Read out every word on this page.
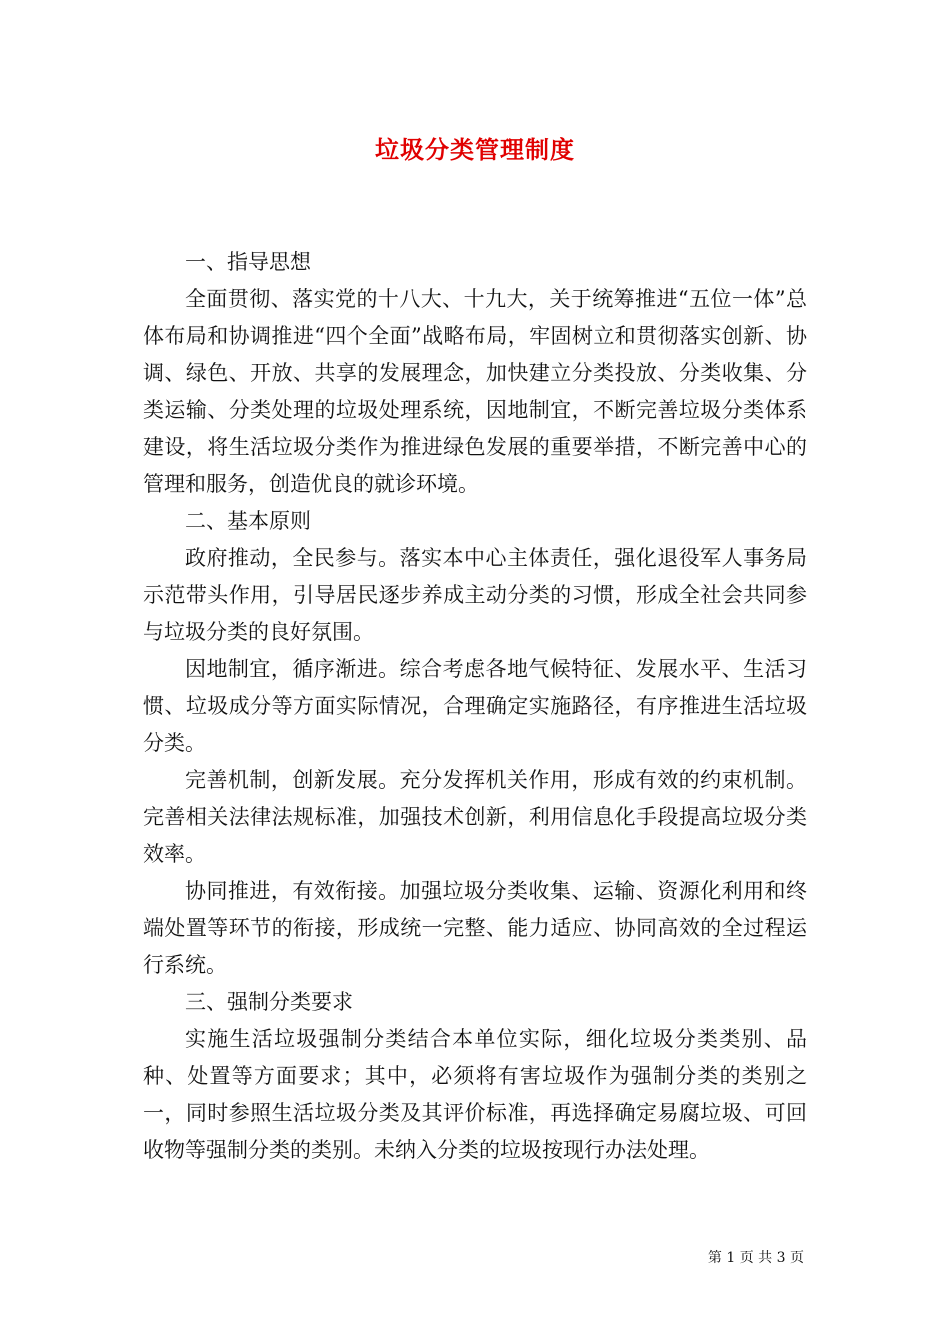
垃圾分类管理制度

一、指导思想

全面贯彻、落实党的十八大、十九大，关于统筹推进“五位一体”总体布局和协调推进“四个全面”战略布局，牢固树立和贯彻落实创新、协调、绿色、开放、共享的发展理念，加快建立分类投放、分类收集、分类运输、分类处理的垃圾处理系统，因地制宜，不断完善垃圾分类体系建设，将生活垃圾分类作为推进绿色发展的重要举措，不断完善中心的管理和服务，创造优良的就诊环境。

二、基本原则

政府推动，全民参与。落实本中心主体责任，强化退役军人事务局示范带头作用，引导居民逐步养成主动分类的习惯，形成全社会共同参与垃圾分类的良好氛围。

因地制宜，循序渐进。综合考虑各地气候特征、发展水平、生活习惯、垃圾成分等方面实际情况，合理确定实施路径，有序推进生活垃圾分类。

完善机制，创新发展。充分发挥机关作用，形成有效的约束机制。完善相关法律法规标准，加强技术创新，利用信息化手段提高垃圾分类效率。

协同推进，有效衔接。加强垃圾分类收集、运输、资源化利用和终端处置等环节的衔接，形成统一完整、能力适应、协同高效的全过程运行系统。

三、强制分类要求

实施生活垃圾强制分类结合本单位实际，细化垃圾分类类别、品种、处置等方面要求；其中，必须将有害垃圾作为强制分类的类别之一，同时参照生活垃圾分类及其评价标准，再选择确定易腐垃圾、可回收物等强制分类的类别。未纳入分类的垃圾按现行办法处理。

第 1 页 共 3 页
